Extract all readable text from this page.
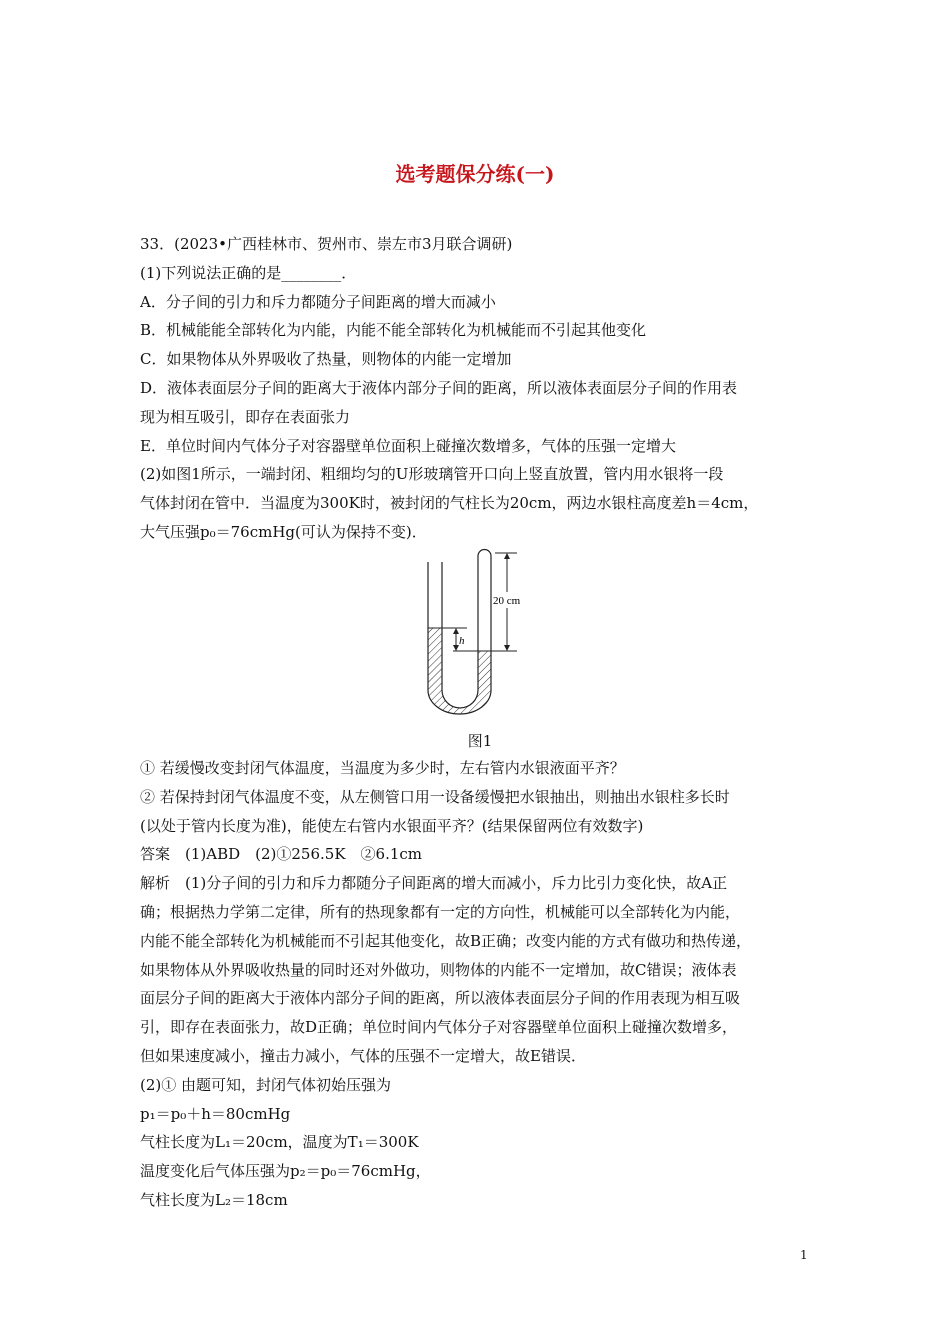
选考题保分练(一)
33．(2023•广西桂林市、贺州市、崇左市3月联合调研)
(1)下列说法正确的是________．
A．分子间的引力和斥力都随分子间距离的增大而减小
B．机械能能全部转化为内能，内能不能全部转化为机械能而不引起其他变化
C．如果物体从外界吸收了热量，则物体的内能一定增加
D．液体表面层分子间的距离大于液体内部分子间的距离，所以液体表面层分子间的作用表
现为相互吸引，即存在表面张力
E．单位时间内气体分子对容器壁单位面积上碰撞次数增多，气体的压强一定增大
(2)如图1所示，一端封闭、粗细均匀的U形玻璃管开口向上竖直放置，管内用水银将一段
气体封闭在管中．当温度为300K时，被封闭的气柱长为20cm，两边水银柱高度差h＝4cm，
大气压强p₀＝76cmHg(可认为保持不变)．
20 cm
h
图1
① 若缓慢改变封闭气体温度，当温度为多少时，左右管内水银液面平齐？
② 若保持封闭气体温度不变，从左侧管口用一设备缓慢把水银抽出，则抽出水银柱多长时
(以处于管内长度为准)，能使左右管内水银面平齐？(结果保留两位有效数字)
答案　(1)ABD　(2)①256.5K　②6.1cm
解析　(1)分子间的引力和斥力都随分子间距离的增大而减小，斥力比引力变化快，故A正
确；根据热力学第二定律，所有的热现象都有一定的方向性，机械能可以全部转化为内能，
内能不能全部转化为机械能而不引起其他变化，故B正确；改变内能的方式有做功和热传递，
如果物体从外界吸收热量的同时还对外做功，则物体的内能不一定增加，故C错误；液体表
面层分子间的距离大于液体内部分子间的距离，所以液体表面层分子间的作用表现为相互吸
引，即存在表面张力，故D正确；单位时间内气体分子对容器壁单位面积上碰撞次数增多，
但如果速度减小，撞击力减小，气体的压强不一定增大，故E错误．
(2)① 由题可知，封闭气体初始压强为
p₁＝p₀＋h＝80cmHg
气柱长度为L₁＝20cm，温度为T₁＝300K
温度变化后气体压强为p₂＝p₀＝76cmHg，
气柱长度为L₂＝18cm
1
